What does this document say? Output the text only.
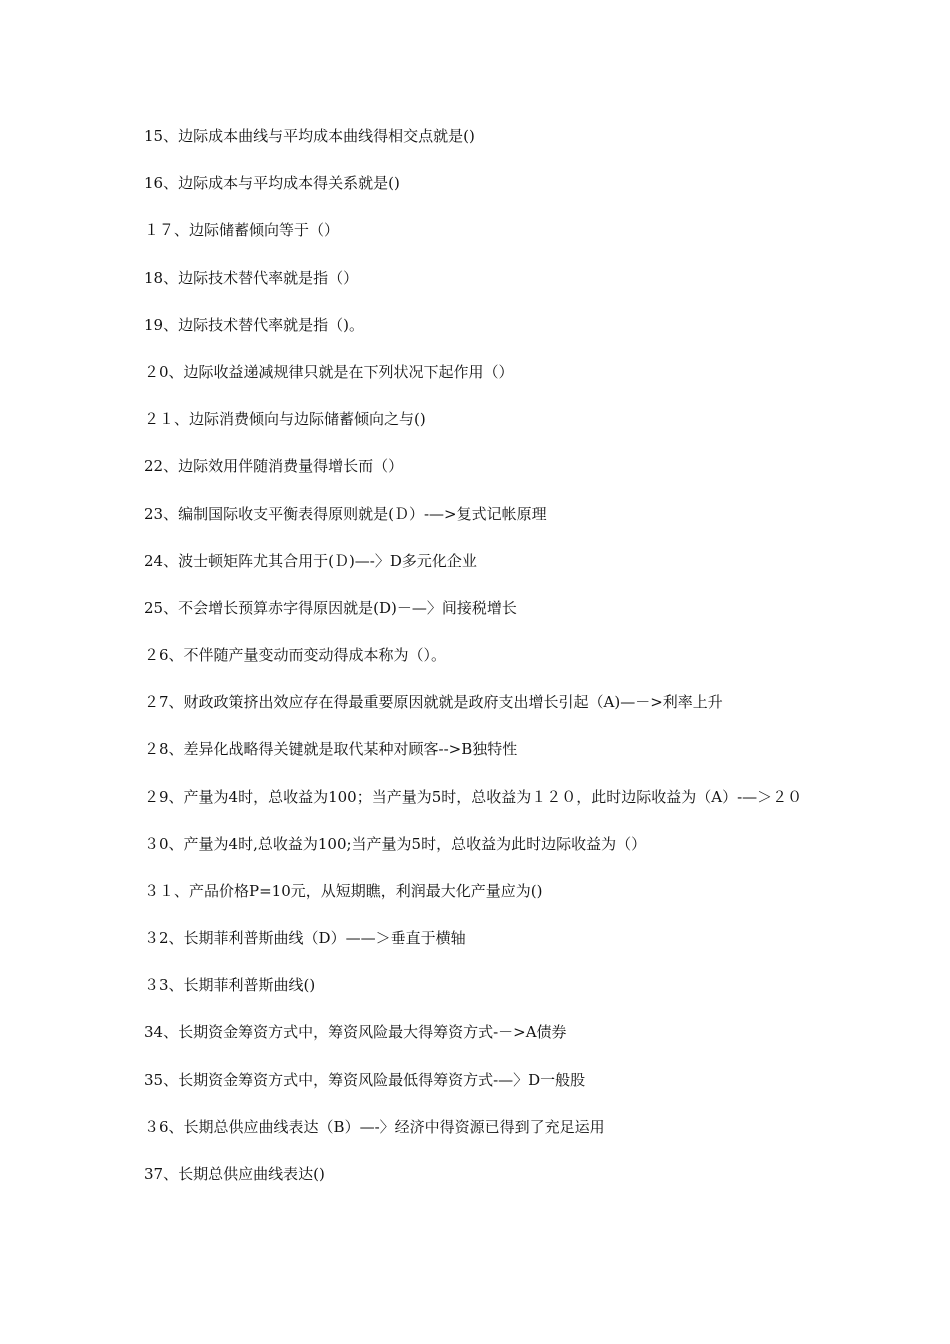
15、边际成本曲线与平均成本曲线得相交点就是()
16、边际成本与平均成本得关系就是()
１７、边际储蓄倾向等于（）
18、边际技术替代率就是指（）
19、边际技术替代率就是指（)。
２0、边际收益递减规律只就是在下列状况下起作用（）
２１、边际消费倾向与边际储蓄倾向之与()
22、边际效用伴随消费量得增长而（）
23、编制国际收支平衡表得原则就是(Ｄ）-—>复式记帐原理
24、波士顿矩阵尤其合用于(Ｄ)—-〉D多元化企业
25、不会增长预算赤字得原因就是(D)－—〉间接税增长
２6、不伴随产量变动而变动得成本称为（）。
２7、财政政策挤出效应存在得最重要原因就就是政府支出增长引起（A)—－>利率上升
２8、差异化战略得关键就是取代某种对顾客-->B独特性
２9、产量为4时，总收益为100；当产量为5时，总收益为１２０，此时边际收益为（A）-—＞２０
３0、产量为4时,总收益为100;当产量为5时，总收益为此时边际收益为（）
３１、产品价格P=10元，从短期瞧，利润最大化产量应为()
３2、长期菲利普斯曲线（D）——＞垂直于横轴
３3、长期菲利普斯曲线()
34、长期资金筹资方式中，筹资风险最大得筹资方式-－>A债券
35、长期资金筹资方式中，筹资风险最低得筹资方式-—〉D一般股
３6、长期总供应曲线表达（B）—-〉经济中得资源已得到了充足运用
37、长期总供应曲线表达()
